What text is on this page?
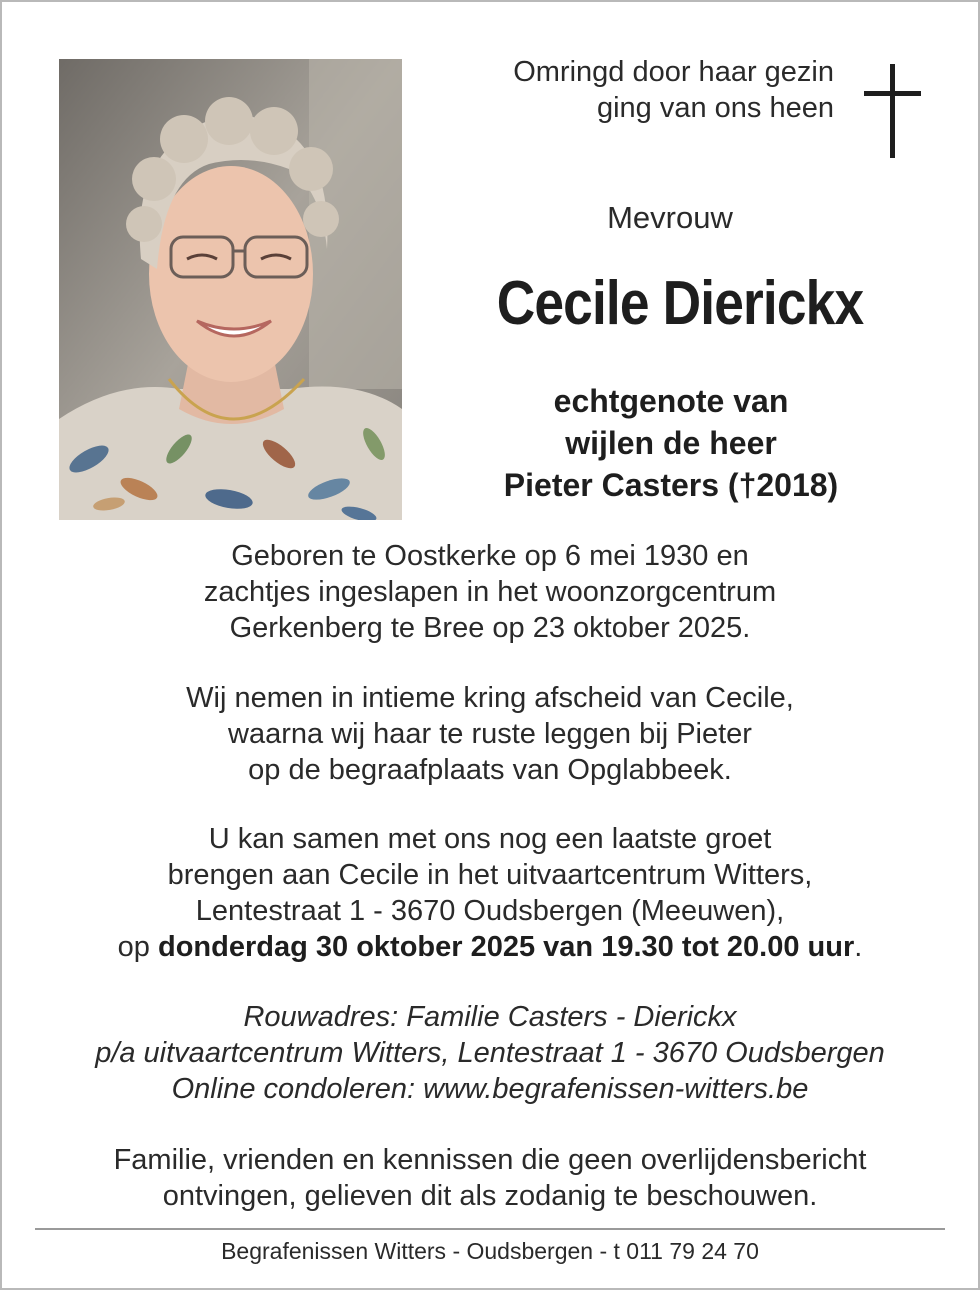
Omringd door haar gezin
ging van ons heen
Mevrouw
Cecile Dierickx
echtgenote van
wijlen de heer
Pieter Casters (†2018)
Geboren te Oostkerke op 6 mei 1930 en
zachtjes ingeslapen in het woonzorgcentrum
Gerkenberg te Bree op 23 oktober 2025.
Wij nemen in intieme kring afscheid van Cecile,
waarna wij haar te ruste leggen bij Pieter
op de begraafplaats van Opglabbeek.
U kan samen met ons nog een laatste groet
brengen aan Cecile in het uitvaartcentrum Witters,
Lentestraat 1 - 3670 Oudsbergen (Meeuwen),
op donderdag 30 oktober 2025 van 19.30 tot 20.00 uur.
Rouwadres: Familie Casters - Dierickx
p/a uitvaartcentrum Witters, Lentestraat 1 - 3670 Oudsbergen
Online condoleren: www.begrafenissen-witters.be
Familie, vrienden en kennissen die geen overlijdensbericht
ontvingen, gelieven dit als zodanig te beschouwen.
Begrafenissen Witters - Oudsbergen - t 011 79 24 70
